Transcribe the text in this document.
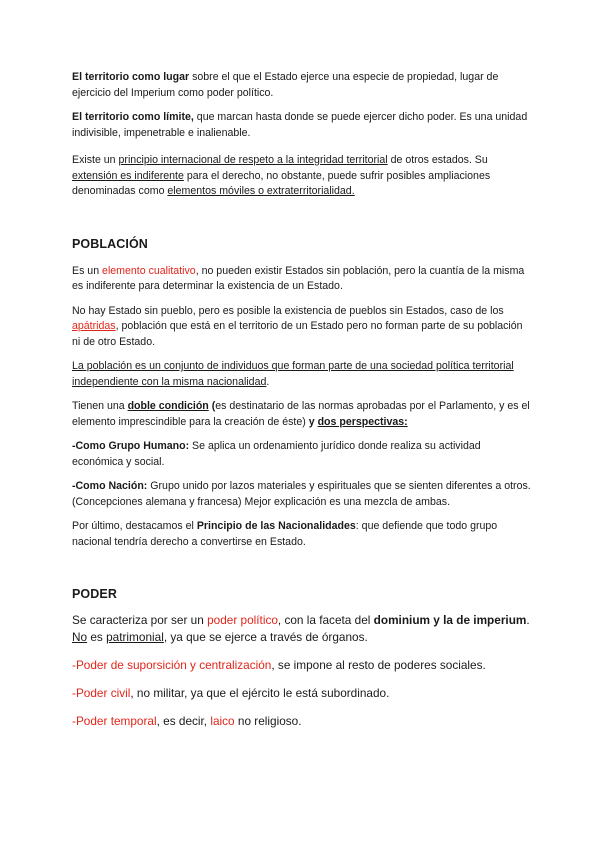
El territorio como lugar sobre el que el Estado ejerce una especie de propiedad, lugar de ejercicio del Imperium como poder político.

El territorio como límite, que marcan hasta donde se puede ejercer dicho poder. Es una unidad indivisible, impenetrable e inalienable.

Existe un principio internacional de respeto a la integridad territorial de otros estados. Su extensión es indiferente para el derecho, no obstante, puede sufrir posibles ampliaciones denominadas como elementos móviles o extraterritorialidad.

POBLACIÓN

Es un elemento cualitativo, no pueden existir Estados sin población, pero la cuantía de la misma es indiferente para determinar la existencia de un Estado.

No hay Estado sin pueblo, pero es posible la existencia de pueblos sin Estados, caso de los apátridas, población que está en el territorio de un Estado pero no forman parte de su población ni de otro Estado.

La población es un conjunto de individuos que forman parte de una sociedad política territorial independiente con la misma nacionalidad.

Tienen una doble condición (es destinatario de las normas aprobadas por el Parlamento, y es el elemento imprescindible para la creación de éste) y dos perspectivas:

-Como Grupo Humano: Se aplica un ordenamiento jurídico donde realiza su actividad económica y social.

-Como Nación: Grupo unido por lazos materiales y espirituales que se sienten diferentes a otros. (Concepciones alemana y francesa) Mejor explicación es una mezcla de ambas.

Por último, destacamos el Principio de las Nacionalidades: que defiende que todo grupo nacional tendría derecho a convertirse en Estado.

PODER

Se caracteriza por ser un poder político, con la faceta del dominium y la de imperium. No es patrimonial, ya que se ejerce a través de órganos.

-Poder de suporsición y centralización, se impone al resto de poderes sociales.

-Poder civil, no militar, ya que el ejército le está subordinado.

-Poder temporal, es decir, laico no religioso.
